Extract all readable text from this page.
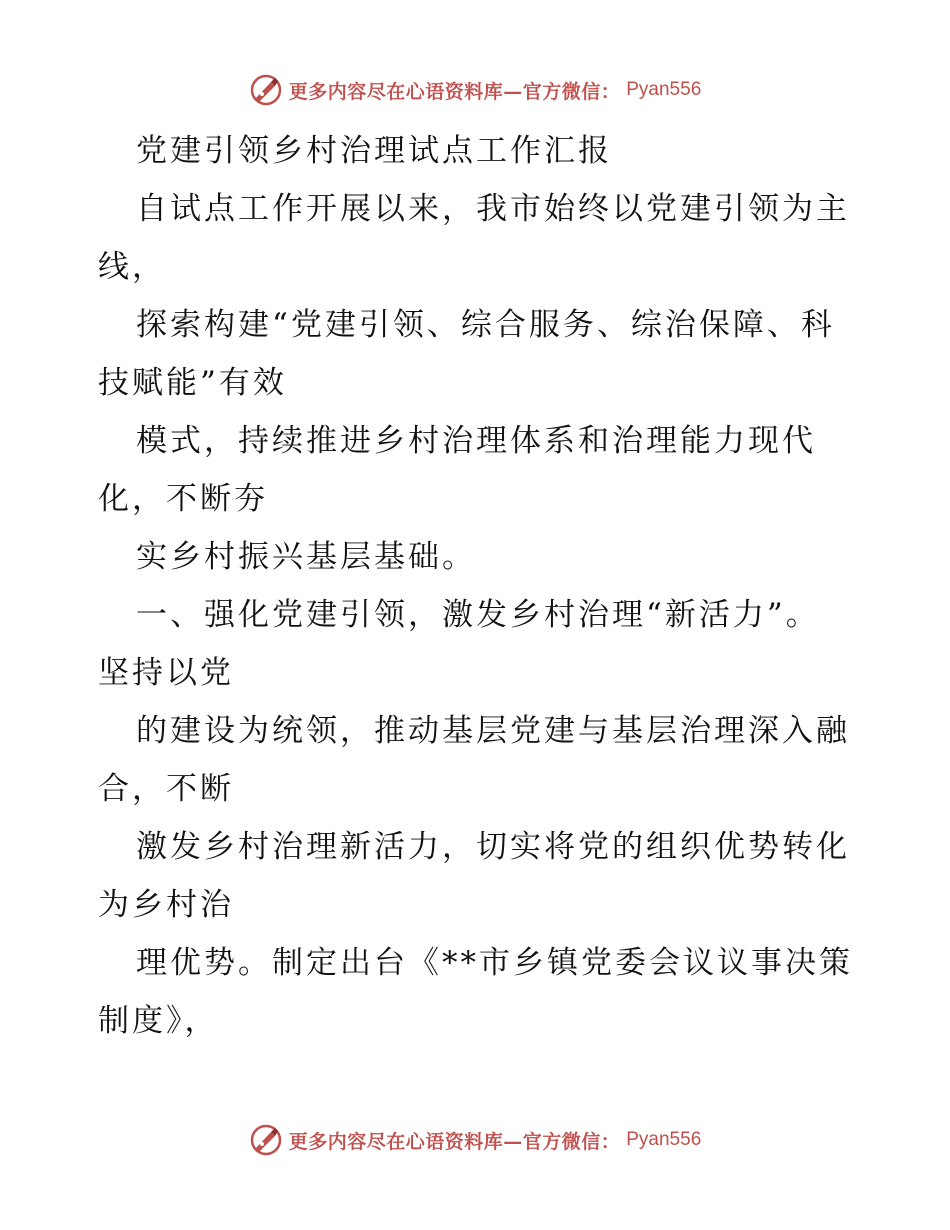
更多内容尽在心语资料库—官方微信： Pyan556
党建引领乡村治理试点工作汇报
自试点工作开展以来，我市始终以党建引领为主
线，
探索构建“党建引领、综合服务、综治保障、科
技赋能”有效
模式，持续推进乡村治理体系和治理能力现代
化，不断夯
实乡村振兴基层基础。
一、强化党建引领，激发乡村治理“新活力”。
坚持以党
的建设为统领，推动基层党建与基层治理深入融
合，不断
激发乡村治理新活力，切实将党的组织优势转化
为乡村治
理优势。制定出台《**市乡镇党委会议议事决策
制度》，
更多内容尽在心语资料库—官方微信： Pyan556
